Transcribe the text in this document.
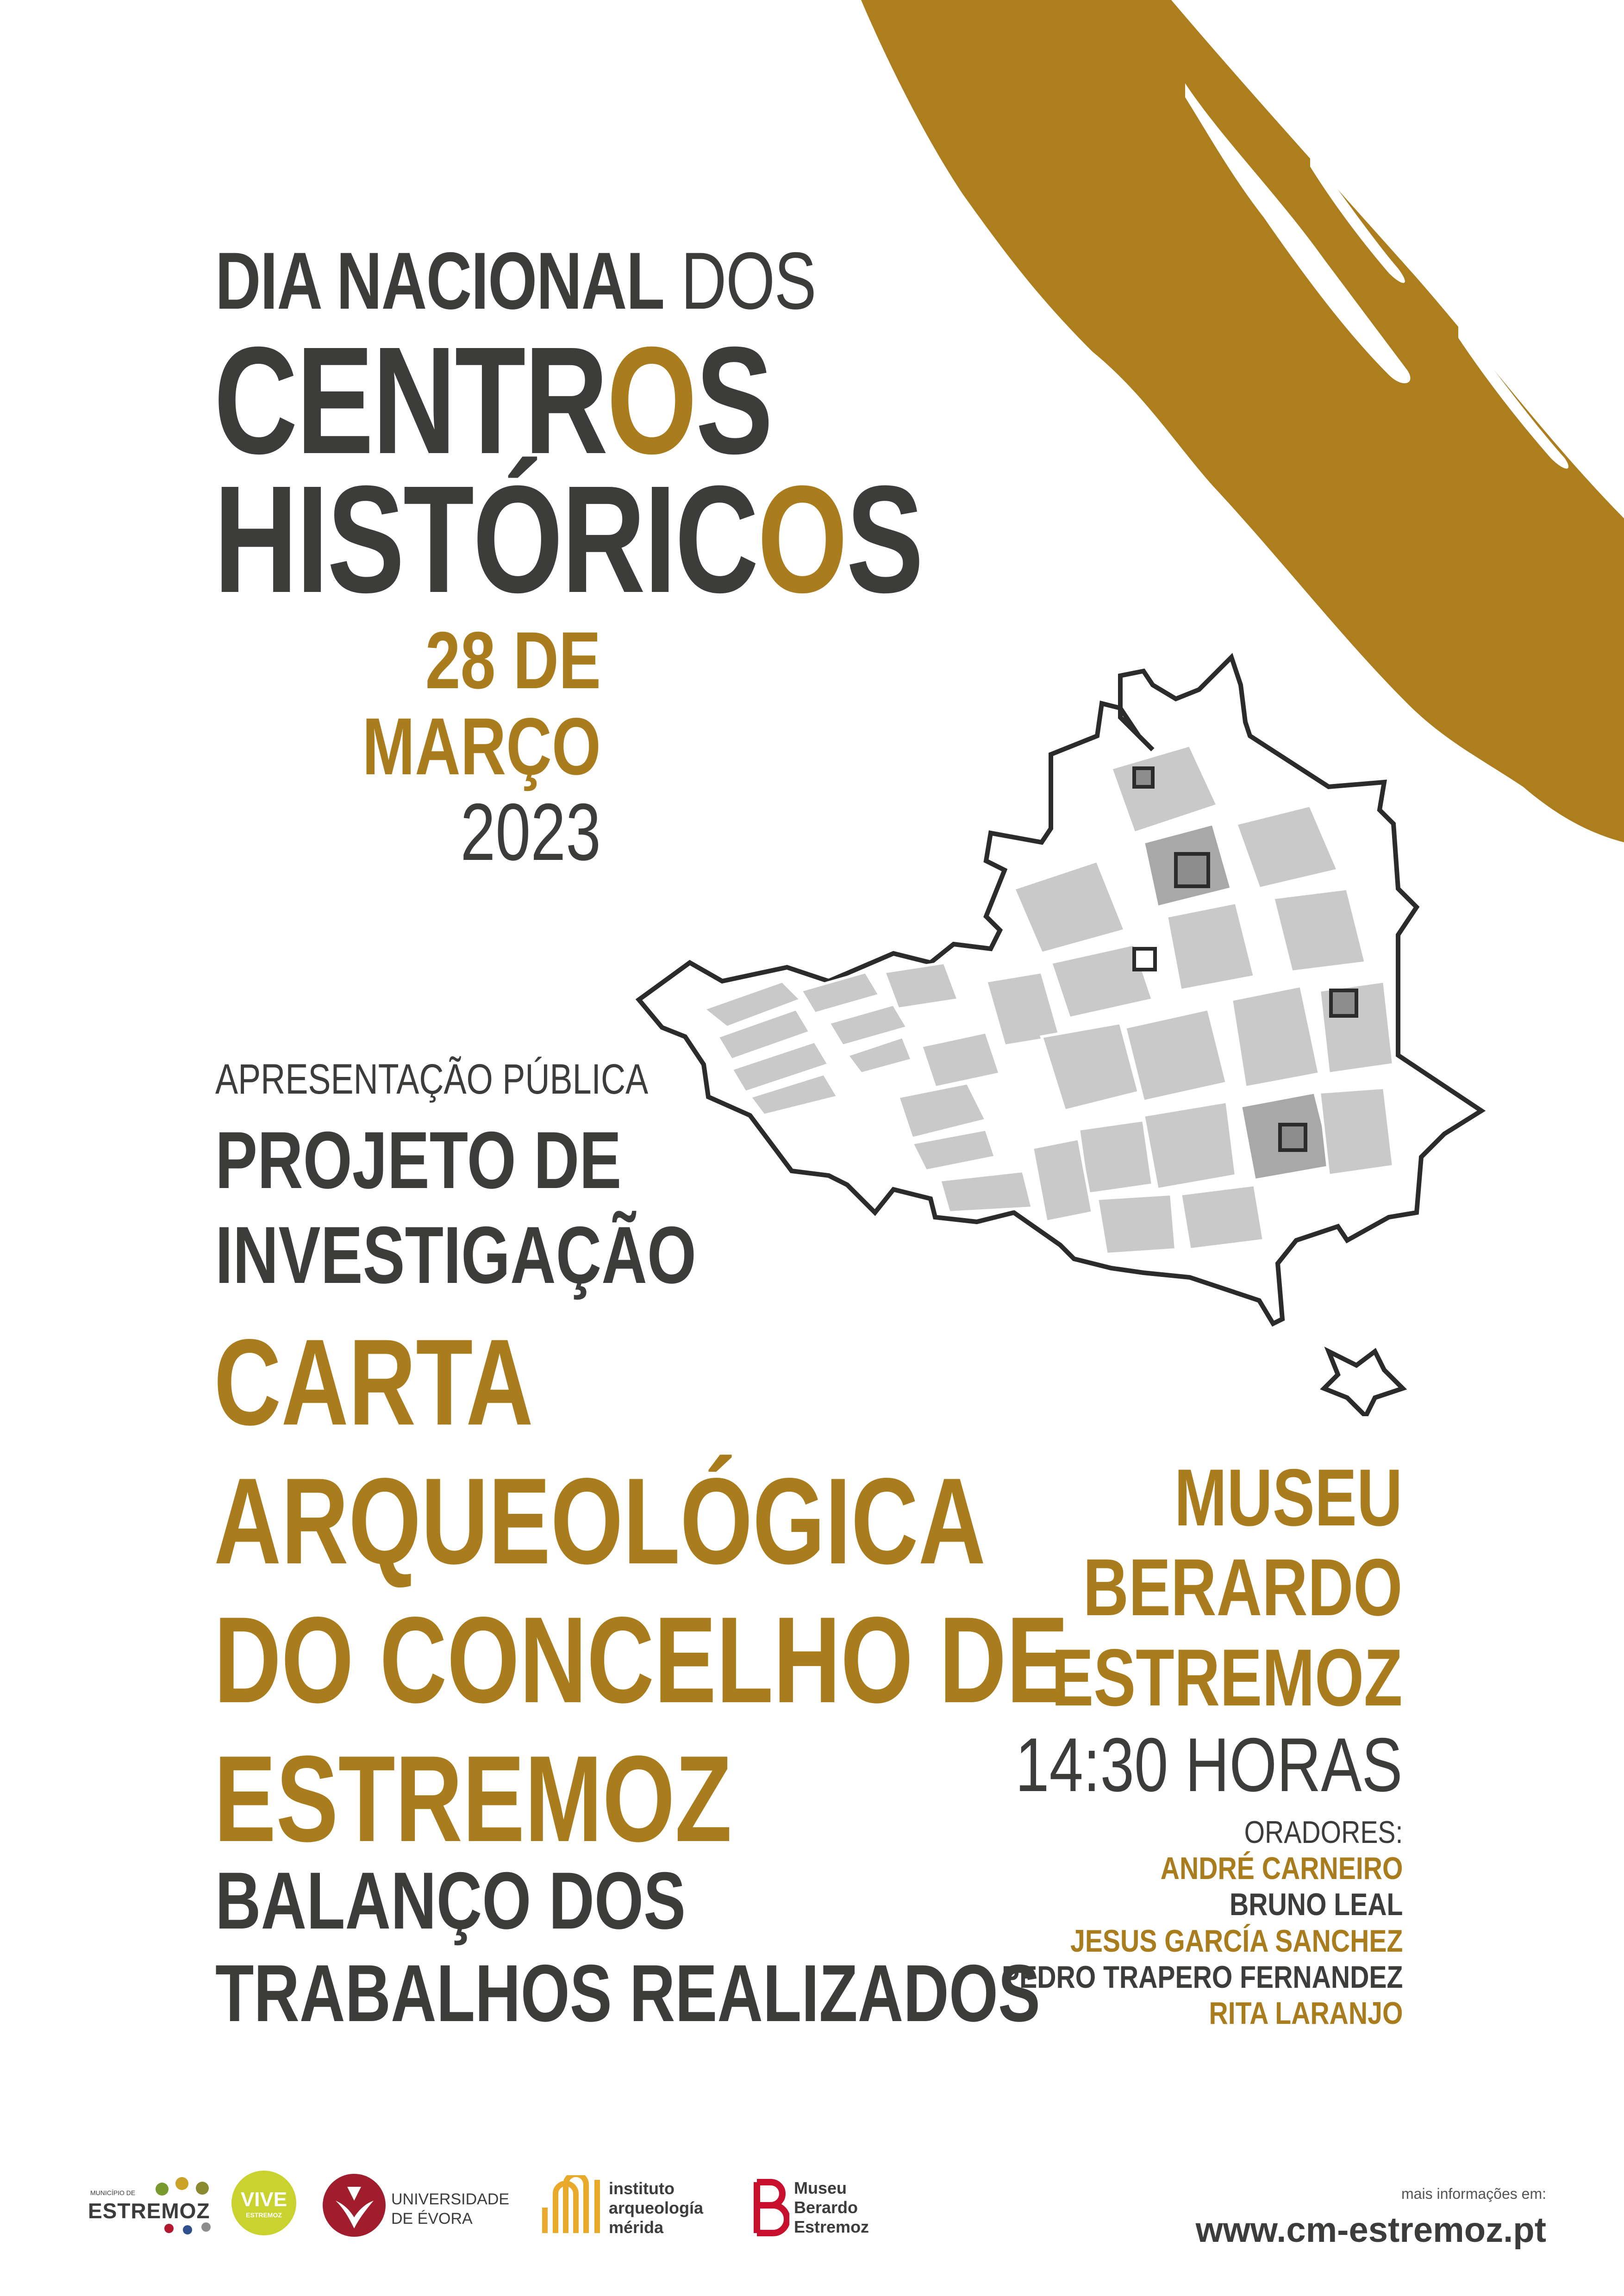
DIA NACIONAL DOS
CENTROS
HISTÓRICOS
28 DE
MARÇO
2023
APRESENTAÇÃO PÚBLICA
PROJETO DE
INVESTIGAÇÃO
CARTA
ARQUEOLÓGICA
DO CONCELHO DE
ESTREMOZ
BALANÇO DOS
TRABALHOS REALIZADOS
MUSEU
BERARDO
ESTREMOZ
14:30 HORAS
ORADORES:
ANDRÉ CARNEIRO
BRUNO LEAL
JESUS GARCÍA SANCHEZ
PEDRO TRAPERO FERNANDEZ
RITA LARANJO
MUNICÍPIO DE
ESTREMOZ	VIVE
ESTREMOZ
UNIVERSIDADE
DE ÉVORA
instituto
arqueología
mérida
Museu
Berardo
Estremoz
mais informações em:
www.cm-estremoz.pt
